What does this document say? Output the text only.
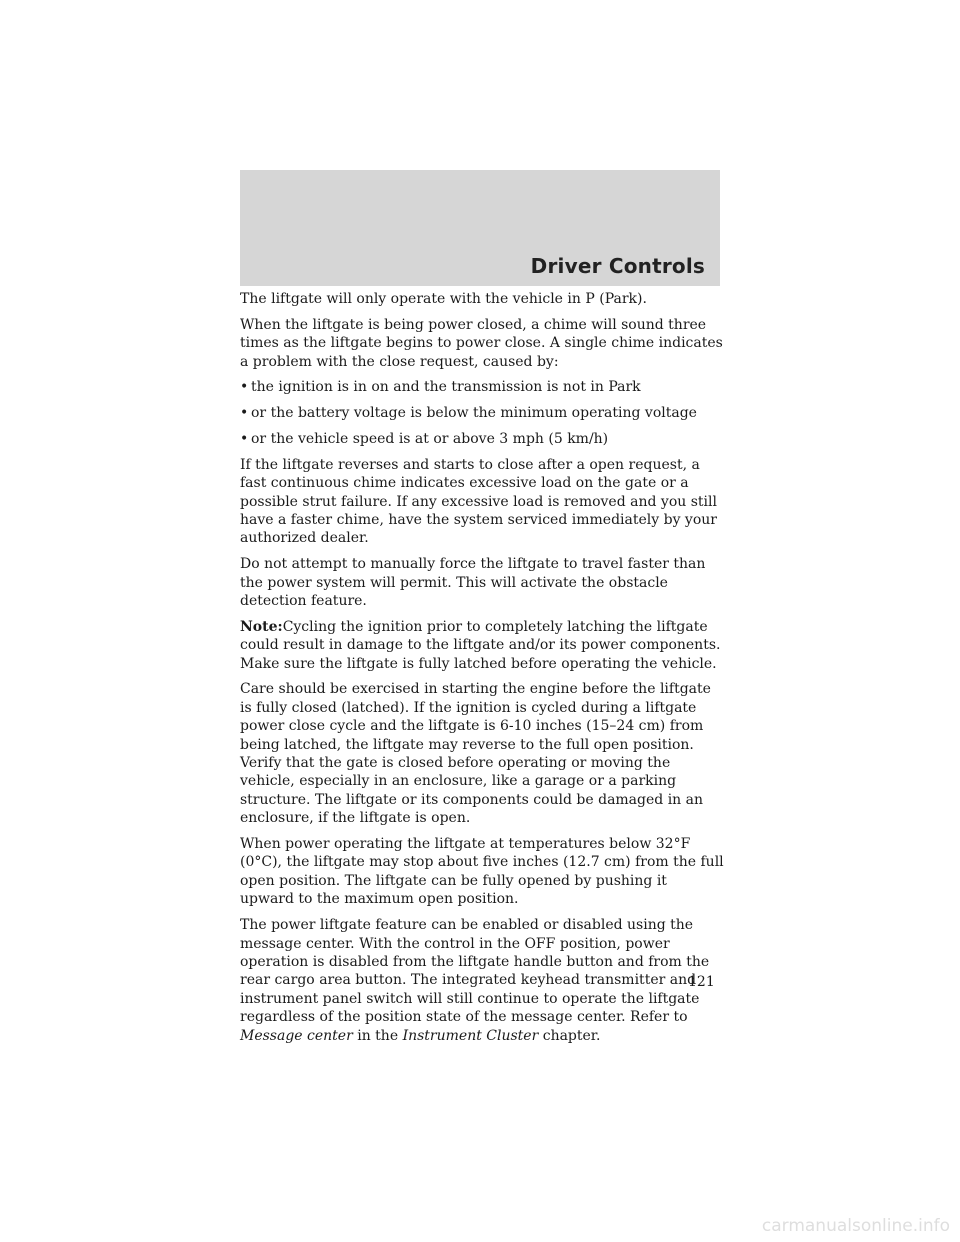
Driver Controls

The liftgate will only operate with the vehicle in P (Park).

When the liftgate is being power closed, a chime will sound three times as the liftgate begins to power close. A single chime indicates a problem with the close request, caused by:

• the ignition is in on and the transmission is not in Park
• or the battery voltage is below the minimum operating voltage
• or the vehicle speed is at or above 3 mph (5 km/h)

If the liftgate reverses and starts to close after a open request, a fast continuous chime indicates excessive load on the gate or a possible strut failure. If any excessive load is removed and you still have a faster chime, have the system serviced immediately by your authorized dealer.

Do not attempt to manually force the liftgate to travel faster than the power system will permit. This will activate the obstacle detection feature.

Note:Cycling the ignition prior to completely latching the liftgate could result in damage to the liftgate and/or its power components. Make sure the liftgate is fully latched before operating the vehicle.

Care should be exercised in starting the engine before the liftgate is fully closed (latched). If the ignition is cycled during a liftgate power close cycle and the liftgate is 6-10 inches (15–24 cm) from being latched, the liftgate may reverse to the full open position. Verify that the gate is closed before operating or moving the vehicle, especially in an enclosure, like a garage or a parking structure. The liftgate or its components could be damaged in an enclosure, if the liftgate is open.

When power operating the liftgate at temperatures below 32°F (0°C), the liftgate may stop about five inches (12.7 cm) from the full open position. The liftgate can be fully opened by pushing it upward to the maximum open position.

The power liftgate feature can be enabled or disabled using the message center. With the control in the OFF position, power operation is disabled from the liftgate handle button and from the rear cargo area button. The integrated keyhead transmitter and instrument panel switch will still continue to operate the liftgate regardless of the position state of the message center. Refer to Message center in the Instrument Cluster chapter.

121
carmanualsonline.info
